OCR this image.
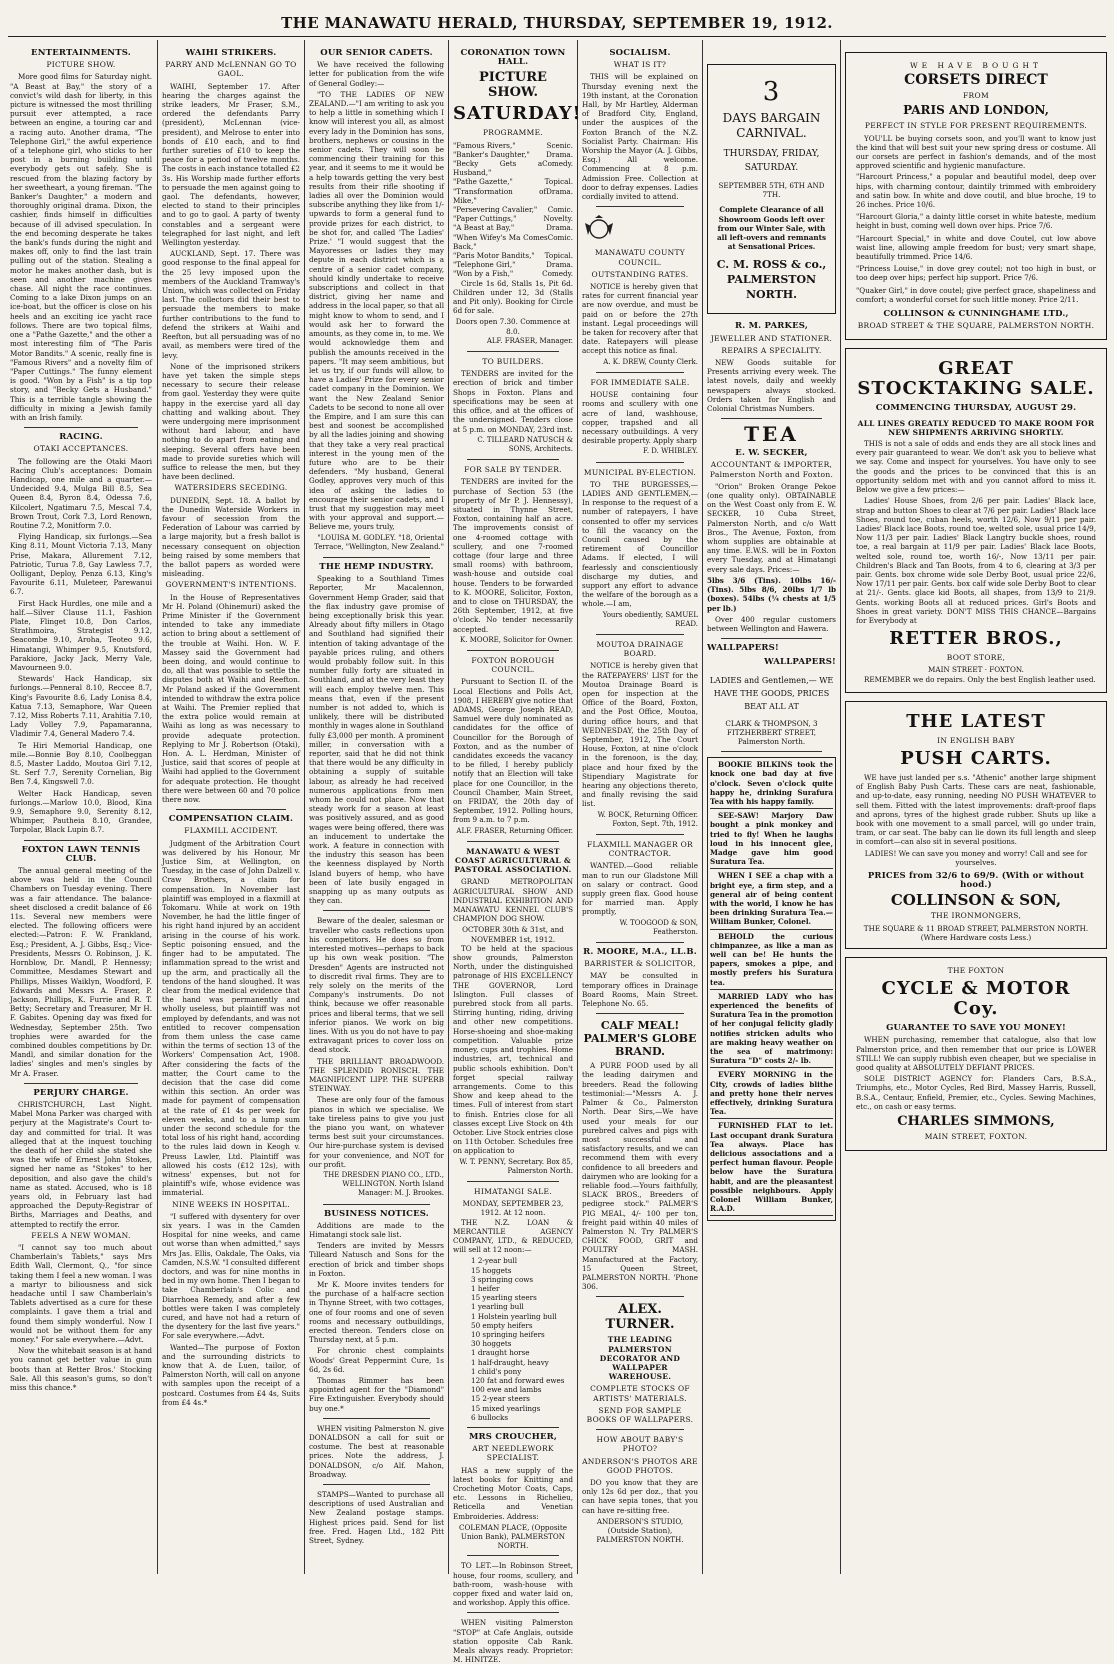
THE MANAWATU HERALD, THURSDAY, SEPTEMBER 19, 1912.
ENTERTAINMENTS.
PICTURE SHOW.

More good films for Saturday night. "A Beast at Bay," the story of a convict's wild dash for liberty, in this picture is witnessed the most thrilling pursuit ever attempted, a race between an engine, a touring car and a racing auto. Another drama, "The Telephone Girl," the awful experience of a telephone girl, who sticks to her post in a burning building until everybody gets out safely. She is rescued from the blazing factory by her sweetheart, a young fireman. "The Banker's Daughter," a modern and thoroughly original drama. Dixon, the cashier, finds himself in difficulties because of ill advised speculation. In the end becoming desperate he takes the bank's funds during the night and makes off, only to find the last train pulling out of the station. Stealing a motor he makes another dash, but is seen and another machine gives chase. All night the race continues. Coming to a lake Dixon jumps on an ice-boat, but the officer is close on his heels and an exciting ice yacht race follows. There are two topical films, one a "Pathe Gazette," and the other a most interesting film of "The Paris Motor Bandits." A scenic, really fine is "Famous Rivers" and a novelty film of "Paper Cuttings." The funny element is good. "Won by a Fish" is a tip top story, and "Becky Gets a Husband." This is a terrible tangle showing the difficulty in mixing a Jewish family with an Irish family.

RACING.
OTAKI ACCEPTANCES.

The following are the Otaki Maori Racing Club's acceptances: Domain Handicap, one mile and a quarter.—Undecided 9.4, Mulga Bill 8.5, Sea Queen 8.4, Byron 8.4, Odessa 7.6, Kilcolert, Ngatimaru 7.5, Mescal 7.4, Brown Trout, Cork 7.3, Lord Renown, Routine 7.2, Monitform 7.0.

Flying Handicap, six furlongs.—Sea King 8.11, Mount Victoria 7.13, Many Prise, Makara, Allurement 7.12, Patriotic, Turua 7.8, Gay Lawless 7.7, Oolligant, Deploy, Penza 6.13, King's Favourite 6.11, Muleteer, Parewanui 6.7.

First Hack Hurdles, one mile and a half.—Silver Clause 11.1, Fashion Plate, Flinget 10.8, Don Carlos, Strathmoira, Strategist 9.12, Seacombe 9.10, Aroha, Teoteo 9.6, Himatangi, Whimper 9.5, Knutsford, Parakiore, Jacky Jack, Merry Vale, Mavourneen 9.0.

Stewards' Hack Handicap, six furlongs.—Penneral 8.10, Reccee 8.7, King's Favourite 8.6, Lady Lonisa 8.4, Katua 7.13, Semaphore, War Queen 7.12, Miss Roberts 7.11, Arahitia 7.10, Lady Volley 7.9, Papamaranna, Vladimir 7.4, General Madero 7.4.

Te Hiri Memorial Handicap, one mile.—Bonnie Boy 8.10, Coolbeggan 8.5, Master Laddo, Moutoa Girl 7.12, St. Serf 7.7, Serenity Cornelian, Big Ben 7.4, Kingswell 7.0.

Welter Hack Handicap, seven furlongs.—Marlow 10.0, Blood, Kina 9.9, Semaphore 9.0, Serenity 8.12, Whimper, Pautheia 8.10, Grandee, Torpolar, Black Lupin 8.7.

FOXTON LAWN TENNIS CLUB.

The annual general meeting of the above was held in the Council Chambers on Tuesday evening. There was a fair attendance. The balance-sheet disclosed a credit balance of £6 11s. Several new members were elected. The following officers were elected:—Patron: F. W. Frankland, Esq.; President, A. J. Gibbs, Esq.; Vice-Presidents, Messrs O. Robinson, J. K. Hornblow, Dr. Mandl, P. Hennessy; Committee, Mesdames Stewart and Phillips, Misses Waiklyn, Woodford, F. Edwards and Messrs A. Fraser, P. Jackson, Phillips, K. Furrie and R. T. Betty; Secretary and Treasurer, Mr H. F. Gabites. Opening day was fixed for Wednesday, September 25th. Two trophies were awarded for the combined doubles competitions by Dr. Mandl, and similar donation for the ladies' singles and men's singles by Mr A. Fraser.

PERJURY CHARGE.

CHRISTCHURCH, Last Night. Mabel Mona Parker was charged with perjury at the Magistrate's Court to-day and committed for trial. It was alleged that at the inquest touching the death of her child she stated she was the wife of Ernest John Stokes, signed her name as "Stokes" to her deposition, and also gave the child's name as stated. Accused, who is 18 years old, in February last had approached the Deputy-Registrar of Births, Marriages and Deaths, and attempted to rectify the error.

FEELS A NEW WOMAN.

"I cannot say too much about Chamberlain's Tablets," says Mrs Edith Wall, Clermont, Q., "for since taking them I feel a new woman. I was a martyr to biliousness and sick headache until I saw Chamberlain's Tablets advertised as a cure for these complaints. I gave them a trial and found them simply wonderful. Now I would not be without them for any money." For sale everywhere.—Advt.

Now the whitebait season is at hand you cannot get better value in gum boots than at Retter Bros.' Stocking Sale. All this season's gums, so don't miss this chance.*

WAIHI STRIKERS.
PARRY AND McLENNAN GO TO GAOL.

WAIHI, September 17. After hearing the charges against the strike leaders, Mr Fraser, S.M., ordered the defendants Parry (president), McLennan (vice-president), and Melrose to enter into bonds of £10 each, and to find further sureties of £10 to keep the peace for a period of twelve months. The costs in each instance totalled £2 3s. His Worship made further efforts to persuade the men against going to gaol. The defendants, however, elected to stand to their principles and to go to gaol. A party of twenty constables and a sergeant were telegraphed for last night, and left Wellington yesterday.

AUCKLAND, Sept. 17. There was good response to the final appeal for the 25 levy imposed upon the members of the Auckland Tramway's Union, which was collected on Friday last. The collectors did their best to persuade the members to make further contributions to the fund to defend the strikers at Waihi and Reefton, but all persuading was of no avail, as members were tired of the levy.

None of the imprisoned strikers have yet taken the simple steps necessary to secure their release from gaol. Yesterday they were quite happy in the exercise yard all day chatting and walking about. They were undergoing mere imprisonment without hard labour, and have nothing to do apart from eating and sleeping. Several offers have been made to provide sureties which will suffice to release the men, but they have been declined.

WATERSIDERS SECEDING.

DUNEDIN, Sept. 18. A ballot by the Dunedin Waterside Workers in favour of secession from the Federation of Labour was carried by a large majority, but a fresh ballot is necessary consequent on objection being raised by some members that the ballot papers as worded were misleading.

GOVERNMENT'S INTENTIONS.

In the House of Representatives Mr H. Poland (Ohinemuri) asked the Prime Minister if the Government intended to take any immediate action to bring about a settlement of the trouble at Waihi. Hon. W. F. Massey said the Government had been doing, and would continue to do, all that was possible to settle the disputes both at Waihi and Reefton. Mr Poland asked if the Government intended to withdraw the extra police at Waihi. The Premier replied that the extra police would remain at Waihi as long as was necessary to provide adequate protection. Replying to Mr J. Robertson (Otaki), Hon. A. L. Herdman, Minister of Justice, said that scores of people at Waihi had applied to the Government for adequate protection. He thought there were between 60 and 70 police there now.

COMPENSATION CLAIM.
FLAXMILL ACCIDENT.

Judgment of the Arbitration Court was delivered by his Honour, Mr Justice Sim, at Wellington, on Tuesday, in the case of John Dalzell v. Craw Brothers, a claim for compensation. In November last plaintiff was employed in a flaxmill at Tokomaru. While at work on 19th November, he had the little finger of his right hand injured by an accident arising in the course of his work. Septic poisoning ensued, and the finger had to be amputated. The inflammation spread to the wrist and up the arm, and practically all the tendons of the hand sloughed. It was clear from the medical evidence that the hand was permanently and wholly useless, but plaintiff was not employed by defendants, and was not entitled to recover compensation from them unless the case came within the terms of section 13 of the Workers' Compensation Act, 1908. After considering the facts of the matter, the Court came to the decision that the case did come within this section. An order was made for payment of compensation at the rate of £1 4s per week for eleven weeks, and to a lump sum under the second schedule for the total loss of his right hand, according to the rules laid down in Keogh v. Preuss Lawler, Ltd. Plaintiff was allowed his costs (£12 12s), with witness' expenses, but not for plaintiff's wife, whose evidence was immaterial.

NINE WEEKS IN HOSPITAL.

"I suffered with dysentery for over six years. I was in the Camden Hospital for nine weeks, and came out worse than when admitted," says Mrs Jas. Ellis, Oakdale, The Oaks, via Camden, N.S.W. "I consulted different doctors, and was for nine months in bed in my own home. Then I began to take Chamberlain's Colic and Diarrhoea Remedy, and after a few bottles were taken I was completely cured, and have not had a return of the dysentery for the last five years." For sale everywhere.—Advt.

Wanted—The purpose of Foxton and the surrounding districts to know that A. de Luen, tailor, of Palmerston North, will call on anyone with samples upon the receipt of a postcard. Costumes from £4 4s, Suits from £4 4s.*

OUR SENIOR CADETS.

We have received the following letter for publication from the wife of General Godley:—

"TO THE LADIES OF NEW ZEALAND.—"I am writing to ask you to help a little in something which I know will interest you all, as almost every lady in the Dominion has sons, brothers, nephews or cousins in the senior cadets. They will soon be commencing their training for this year, and it seems to me it would be a help towards getting the very best results from their rifle shooting if ladies all over the Dominion would subscribe anything they like from 1/- upwards to form a general fund to provide prizes for each district, to be shot for, and called 'The Ladies' Prize.' "I would suggest that the Mayoresses or ladies they may depute in each district which is a centre of a senior cadet company, should kindly undertake to receive subscriptions and collect in that district, giving her name and address in the local paper, so that all might know to whom to send, and I would ask her to forward the amounts, as they come in, to me. We would acknowledge them and publish the amounts received in the papers. "It may seem ambitious, but let us try, if our funds will allow, to have a Ladies' Prize for every senior cadet company in the Dominion. We want the New Zealand Senior Cadets to be second to none all over the Empire, and I am sure this can best and soonest be accomplished by all the ladies joining and showing that they take a very real practical interest in the young men of the future who are to be their defenders. "My husband, General Godley, approves very much of this idea of asking the ladies to encourage their senior cadets, and I trust that my suggestion may meet with your approval and support.—Believe me, yours truly,

"LOUISA M. GODLEY. "18, Oriental Terrace, "Wellington, New Zealand."
THE HEMP INDUSTRY.

Speaking to a Southland Times Reporter, Mr Macalennon, Government Hemp Grader, said that the flax industry gave promise of being exceptionally brisk this year. Already about fifty millers in Otago and Southland had signified their intention of taking advantage of the payable prices ruling, and others would probably follow suit. In this number fully forty are situated in Southland, and at the very least they will each employ twelve men. This means that, even if the present number is not added to, which is unlikely, there will be distributed monthly in wages alone in Southland fully £3,000 per month. A prominent miller, in conversation with a reporter, said that he did not think that there would be any difficulty in obtaining a supply of suitable labour, as already he had received numerous applications from men whom he could not place. Now that steady work for a season at least was positively assured, and as good wages were being offered, there was an inducement to undertake the work. A feature in connection with the industry this season has been the keenness displayed by North Island buyers of hemp, who have been of late busily engaged in snapping up as many outputs as they can.

Beware of the dealer, salesman or traveller who casts reflections upon his competitors. He does so from interested motives—perhaps to back up his own weak position. "The Dresden" Agents are instructed not to discredit rival firms. They are to rely solely on the merits of the Company's instruments. Do not think, because we offer reasonable prices and liberal terms, that we sell inferior pianos. We work on big lines. With us you do not have to pay extravagant prices to cover loss on dead stock.

THE BRILLIANT BROADWOOD. THE SPLENDID RONISCH. THE MAGNIFICENT LIPP. THE SUPERB STEINWAY.

These are only four of the famous pianos in which we specialise. We take tireless pains to give you just the piano you want, on whatever terms best suit your circumstances. Our hire-purchase system is devised for your convenience, and NOT for our profit.

THE DRESDEN PIANO CO., LTD., WELLINGTON. North Island Manager: M. J. Brookes.
BUSINESS NOTICES.

Additions are made to the Himatangi stock sale list.

Tenders are invited by Messrs Tilleard Natusch and Sons for the erection of brick and timber shops in Foxton.

Mr K. Moore invites tenders for the purchase of a half-acre section in Thynne Street, with two cottages, one of four rooms and one of seven rooms and necessary outbuildings, erected thereon. Tenders close on Thursday next, at 5 p.m.

For chronic chest complaints Woods' Great Peppermint Cure, 1s 6d, 2s 6d.

Thomas Rimmer has been appointed agent for the "Diamond" Fire Extinguisher. Everybody should buy one.*

WHEN visiting Palmerston N. give DONALDSON a call for suit or costume. The best at reasonable prices. Note the address, J. DONALDSON, c/o Alf. Mahon, Broadway.

STAMPS—Wanted to purchase all descriptions of used Australian and New Zealand postage stamps. Highest prices paid. Send for list free. Fred. Hagen Ltd., 182 Pitt Street, Sydney.

CORONATION TOWN HALL.
PICTURE SHOW.
SATURDAY!
PROGRAMME.
"Famous Rivers,"	Scenic.
"Banker's Daughter," Drama.
"Becky Gets a Husband,"
Comedy.
"Pathe Gazette,"	Topical.
"Transformation of Mike,"
Drama.
"Persevering Cavalier," Comic.
"Paper Cuttings,"	Novelty.
"A Beast at Bay,"	Drama.
"When Wifey's Ma Comes Back,"
Comic.
"Paris Motor Bandits," Topical.
"Telephone Girl,"	Drama.
"Won by a Fish,"	Comedy.

Circle 1s 6d, Stalls 1s, Pit 6d. Children under 12, 3d (Stalls and Pit only). Booking for Circle 6d for sale.

Doors open 7.30. Commence at 8.0.
ALF. FRASER, Manager.
TO BUILDERS.

TENDERS are invited for the erection of brick and timber Shops in Foxton. Plans and specifications may be seen at this office, and at the offices of the undersigned. Tenders close at 5 p.m. on MONDAY, 23rd inst.

C. TILLEARD NATUSCH & SONS, Architects.
FOR SALE BY TENDER.

TENDERS are invited for the purchase of Section 53 (the property of Mr P. J. Hennessy), situated in Thynne Street, Foxton, containing half an acre. The improvements consist of one 4-roomed cottage with scullery, and one 7-roomed cottage (four large and three small rooms) with bathroom, wash-house and outside coal house. Tenders to be forwarded to K. MOORE, Solicitor, Foxton, and to close on THURSDAY, the 26th September, 1912, at five o'clock. No tender necessarily accepted.

K. MOORE, Solicitor for Owner.
FOXTON BOROUGH COUNCIL.

Pursuant to Section II. of the Local Elections and Polls Act, 1908, I HEREBY give notice that ADAMS, George Joseph READ, Samuel were duly nominated as candidates for the office of Councillor for the Borough of Foxton, and as the number of candidates exceeds the vacancy to be filled, I hereby publicly notify that an Election will take place for one Councillor, in the Council Chamber, Main Street, on FRIDAY, the 20th day of September, 1912. Polling hours, from 9 a.m. to 7 p.m.

ALF. FRASER, Returning Officer.
MANAWATU & WEST COAST AGRICULTURAL & PASTORAL ASSOCIATION.

GRAND METROPOLITAN AGRICULTURAL SHOW AND INDUSTRIAL EXHIBITION AND MANAWATU KENNEL CLUB'S CHAMPION DOG SHOW.

OCTOBER 30th & 31st, and NOVEMBER 1st, 1912.

TO be held at the spacious show grounds, Palmerston North, under the distinguished patronage of HIS EXCELLENCY THE GOVERNOR, Lord Islington. Full classes of purebred stock from all parts. Stirring hunting, riding, driving and other new competitions. Horse-shoeing and shoe-making competition. Valuable prize money, cups and trophies. Home industries, art, technical and public schools exhibition. Don't forget special railway arrangements. Come to this Show and keep ahead to the times. Full of interest from start to finish. Entries close for all classes except Live Stock on 4th October. Live Stock entries close on 11th October. Schedules free on application to

W. T. PENNY, Secretary. Box 85, Palmerston North.
HIMATANGI SALE.
MONDAY, SEPTEMBER 23, 1912. At 12 noon.

THE N.Z. LOAN & MERCANTILE AGENCY COMPANY, LTD., & REDUCED, will sell at 12 noon:—

1 2-year bull

15 hoggets

3 springing cows

1 heifer

15 yearling steers

1 yearling bull

1 Holstein yearling bull

50 empty heifers

10 springing heifers

30 hoggets

1 draught horse

1 half-draught, heavy

1 child's pony

120 fat and forward ewes

100 ewe and lambs

15 2-year steers

15 mixed yearlings

6 bullocks

MRS CROUCHER,
ART NEEDLEWORK SPECIALIST.

HAS a new supply of the latest books for Knitting and Crocheting Motor Coats, Caps, etc. Lessons in Richelieu, Reticella and Venetian Embroideries. Address:

COLEMAN PLACE, (Opposite Union Bank), PALMERSTON NORTH.

TO LET.—In Robinson Street, house, four rooms, scullery, and bath-room, wash-house with copper fixed and water laid on, and workshop. Apply this office.

WHEN visiting Palmerston "STOP" at Cafe Anglais, outside station opposite Cab Rank. Meals always ready. Proprietor: M. HINITZE.

SOCIALISM.
WHAT IS IT?

THIS will be explained on Thursday evening next the 19th instant, at the Coronation Hall, by Mr Hartley, Alderman of Bradford City, England, under the auspices of the Foxton Branch of the N.Z. Socialist Party. Chairman: His Worship the Mayor (A. J. Gibbs, Esq.) All welcome. Commencing at 8 p.m. Admission Free. Collection at door to defray expenses. Ladies cordially invited to attend.

MANAWATU COUNTY COUNCIL.
OUTSTANDING RATES.

NOTICE is hereby given that rates for current financial year are now overdue, and must be paid on or before the 27th instant. Legal proceedings will be taken for recovery after that date. Ratepayers will please accept this notice as final.

A. K. DREW, County Clerk.
FOR IMMEDIATE SALE.

HOUSE containing four rooms and scullery with one acre of land, washhouse, copper, trapshed and all necessary outbuildings. A very desirable property. Apply sharp

F. D. WHIBLEY.
MUNICIPAL BY-ELECTION.

TO THE BURGESSES,— LADIES AND GENTLEMEN,—In response to the request of a number of ratepayers, I have consented to offer my services to fill the vacancy on the Council caused by the retirement of Councillor Adams. If elected, I will fearlessly and conscientiously discharge my duties, and support any effort to advance the welfare of the borough as a whole.—I am,

Yours obediently, SAMUEL READ.
MOUTOA DRAINAGE BOARD.

NOTICE is hereby given that the RATEPAYERS' LIST for the Moutoa Drainage Board is open for inspection at the Office of the Board, Foxton, and the Post Office, Moutoa, during office hours, and that WEDNESDAY, the 25th Day of September, 1912, The Court House, Foxton, at nine o'clock in the forenoon, is the day, place and hour fixed by the Stipendiary Magistrate for hearing any objections thereto, and finally revising the said list.

W. BOCK, Returning Officer. Foxton, Sept. 7th, 1912.
FLAXMILL MANAGER OR CONTRACTOR.

WANTED.—Good reliable man to run our Gladstone Mill on salary or contract. Good supply green flax. Good house for married man. Apply promptly,

W. TOOGOOD & SON, Featherston.
R. MOORE, M.A., LL.B.
BARRISTER & SOLICITOR,

MAY be consulted in temporary offices in Drainage Board Rooms, Main Street. Telephone No. 65.

CALF MEAL! PALMER'S GLOBE BRAND.

A PURE FOOD used by all the leading dairymen and breeders. Read the following testimonial:—"Messrs A. J. Palmer & Co., Palmerston North. Dear Sirs,—We have used your meals for our purebred calves and pigs with most successful and satisfactory results, and we can recommend them with every confidence to all breeders and dairymen who are looking for a reliable food.—Yours faithfully, SLACK BROS., Breeders of pedigree stock." PALMER'S PIG MEAL, 4/- 100 per ton, freight paid within 40 miles of Palmerston N. Try PALMER'S CHICK FOOD, GRIT and POULTRY MASH. Manufactured at the Factory, 15 Queen Street, PALMERSTON NORTH. 'Phone 306.

ALEX. TURNER.
THE LEADING PALMERSTON DECORATOR AND WALLPAPER WAREHOUSE.
COMPLETE STOCKS OF ARTISTS' MATERIALS.
SEND FOR SAMPLE BOOKS OF WALLPAPERS.
HOW ABOUT BABY'S PHOTO?
ANDERSON'S PHOTOS ARE GOOD PHOTOS.

DO you know that they are only 12s 6d per doz., that you can have sepia tones, that you can have re-sitting free.

ANDERSON'S STUDIO, (Outside Station), PALMERSTON NORTH.
3
DAYS BARGAIN CARNIVAL.
THURSDAY, FRIDAY, SATURDAY.
SEPTEMBER 5TH, 6TH AND 7TH.
Complete Clearance of all Showroom Goods left over from our Winter Sale, with all left-overs and remnants at Sensational Prices.
C. M. ROSS & co., PALMERSTON NORTH.
R. M. PARKES,
JEWELLER AND STATIONER.
REPAIRS A SPECIALITY.

NEW Goods suitable for Presents arriving every week. The latest novels, daily and weekly newspapers always stocked. Orders taken for English and Colonial Christmas Numbers.

TEA
E. W. SECKER,
ACCOUNTANT & IMPORTER, Palmerston North and Foxton.

"Orion" Broken Orange Pekoe (one quality only). OBTAINABLE on the West Coast only from E. W. SECKER, 10 Cuba Street, Palmerston North, and c/o Watt Bros., The Avenue, Foxton, from whom supplies are obtainable at any time. E.W.S. will be in Foxton every Tuesday, and at Himatangi every sale days. Prices:—

5lbs 3/6 (Tins). 10lbs 16/- (Tins). 5lbs 8/6, 20lbs 1/7 lb (boxes). 54lbs (¼ chests at 1/5 per lb.)

Over 400 regular customers between Wellington and Hawera.

WALLPAPERS!
WALLPAPERS!
LADIES and Gentlemen,— WE HAVE THE GOODS, PRICES BEAT ALL AT
CLARK & THOMPSON, 3 FITZHERBERT STREET, Palmerston North.

BOOKIE BILKINS took the knock one bad day at five o'clock. Seven o'clock quite happy he, drinking Surafura Tea with his happy family.

SEE-SAW! Marjory Daw bought a pink monkey and tried to fly! When he laughs loud in his innocent glee, Madge gave him good Suratura Tea.

WHEN I SEE a chap with a bright eye, a firm step, and a general air of being content with the world, I know he has been drinking Suratura Tea.—William Bunker, Colonel.

BEHOLD the curious chimpanzee, as like a man as well can be! He hunts the papers, smokes a pipe, and mostly prefers his Suratura tea.

MARRIED LADY who has experienced the benefits of Suratura Tea in the promotion of her conjugal felicity gladly notifies stricken adults who are making heavy weather on the sea of matrimony: Suratura "D" costs 2/- lb.

EVERY MORNING in the City, crowds of ladies blithe and pretty hone their nerves effectively, drinking Suratura Tea.

FURNISHED FLAT to let. Last occupant drank Suratura Tea always. Place has delicious associations and a perfect human flavour. People below have the Suratura habit, and are the pleasantest possible neighbours. Apply Colonel William Bunker, R.A.D.

WE HAVE BOUGHT
CORSETS DIRECT
FROM
PARIS AND LONDON,
PERFECT IN STYLE FOR PRESENT REQUIREMENTS.

YOU'LL be buying corsets soon, and you'll want to know just the kind that will best suit your new spring dress or costume. All our corsets are perfect in fashion's demands, and of the most approved scientific and hygienic manufacture.

"Harcourt Princess," a popular and beautiful model, deep over hips, with charming contour, daintily trimmed with embroidery and satin bow. In white and dove coutil, and blue broche, 19 to 26 inches. Price 10/6.

"Harcourt Gloria," a dainty little corset in white bateste, medium height in bust, coming well down over hips. Price 7/6.

"Harcourt Special," in white and dove Coutel, cut low above waist line, allowing ample freedom for bust; very smart shape, beautifully trimmed. Price 14/6.

"Princess Louise," in dove grey coutel; not too high in bust, or too deep over hips; perfect hip support. Price 7/6.

"Quaker Girl," in dove coutel; give perfect grace, shapeliness and comfort; a wonderful corset for such little money. Price 2/11.

COLLINSON & CUNNINGHAME LTD.,
BROAD STREET & THE SQUARE, PALMERSTON NORTH.
GREAT STOCKTAKING SALE.
COMMENCING THURSDAY, AUGUST 29.
ALL LINES GREATLY REDUCED TO MAKE ROOM FOR NEW SHIPMENTS ARRIVING SHORTLY.

THIS is not a sale of odds and ends they are all stock lines and every pair guaranteed to wear. We don't ask you to believe what we say. Come and inspect for yourselves. You have only to see the goods and the prices to be convinced that this is an opportunity seldom met with and you cannot afford to miss it. Below we give a few prices:—

Ladies' House Shoes, from 2/6 per pair. Ladies' Black lace, strap and button Shoes to clear at 7/6 per pair. Ladies' Black lace Shoes, round toe, cuban heels, worth 12/6, Now 9/11 per pair. Ladies' Black lace Boots, round toe, welted sole, usual price 14/9, Now 11/3 per pair. Ladies' Black Langtry buckle shoes, round toe, a real bargain at 11/9 per pair. Ladies' Black lace Boots, welted sole, round toe, worth 16/-, Now 13/11 per pair. Children's Black and Tan Boots, from 4 to 6, clearing at 3/3 per pair. Gents. box chrome wide sole Derby Boot, usual price 22/6, Now 17/11 per pair. Gents. box calf wide sole Derby Boot to clear at 21/-. Gents. glace kid Boots, all shapes, from 13/9 to 21/9. Gents. working Boots all at reduced prices. Girl's Boots and Shoes in great variety. DON'T MISS THIS CHANCE—Bargains for Everybody at

RETTER BROS.,
BOOT STORE,
MAIN STREET · FOXTON.

REMEMBER we do repairs. Only the best English leather used.

THE LATEST
IN ENGLISH BABY
PUSH CARTS.

WE have just landed per s.s. "Athenic" another large shipment of English Baby Push Carts. These cars are neat, fashionable, and up-to-date, easy running, needing NO PUSH WHATEVER to sell them. Fitted with the latest improvements: draft-proof flaps and aprons, tyres of the highest grade rubber. Shuts up like a book with one movement to a small parcel, will go under train, tram, or car seat. The baby can lie down its full length and sleep in comfort—can also sit in several positions.

LADIES! We can save you money and worry! Call and see for yourselves.
PRICES from 32/6 to 69/9. (With or without hood.)
COLLINSON & SON,
THE IRONMONGERS,
THE SQUARE & 11 BROAD STREET, PALMERSTON NORTH. (Where Hardware costs Less.)
THE FOXTON
CYCLE & MOTOR Coy.
GUARANTEE TO SAVE YOU MONEY!

WHEN purchasing, remember that catalogue, also that low Palmerston price, and then remember that our price is LOWER STILL! We can supply rubbish even cheaper, but we specialise in good quality at ABSOLUTELY DEFIANT PRICES.

SOLE DISTRICT AGENCY for: Flanders Cars, B.S.A., Triumphs, etc., Motor Cycles, Red Bird, Massey Harris, Russell, B.S.A., Centaur, Enfield, Premier, etc., Cycles. Sewing Machines, etc., on cash or easy terms.

CHARLES SIMMONS,
MAIN STREET, FOXTON.
